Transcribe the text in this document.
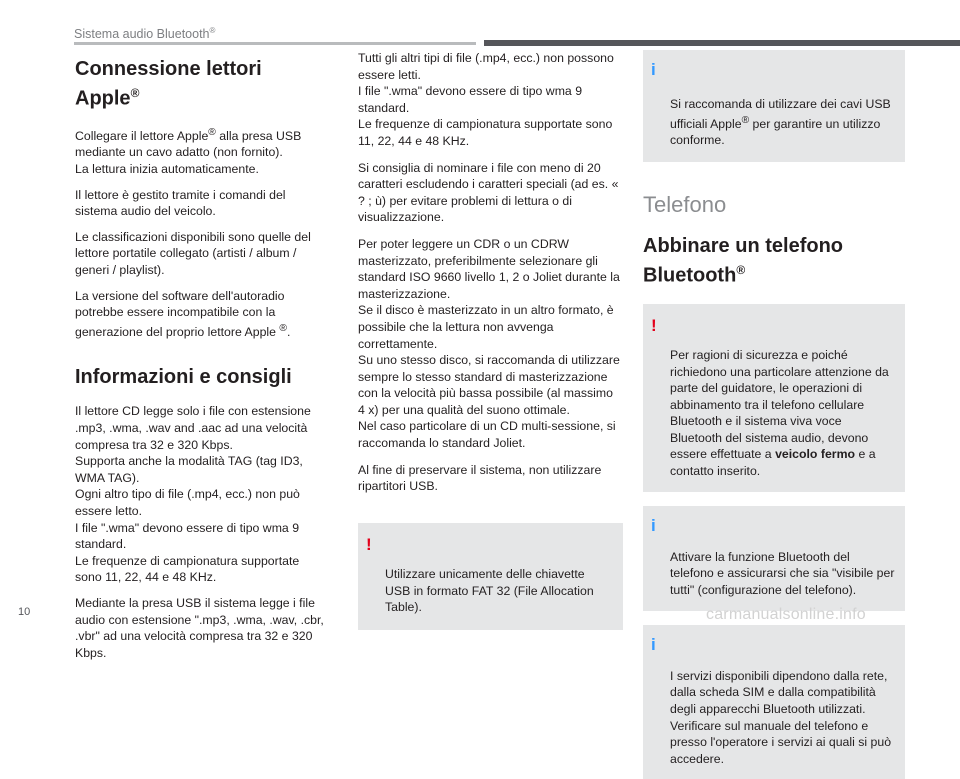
Sistema audio Bluetooth®
Connessione lettori Apple®

Collegare il lettore Apple® alla presa USB
mediante un cavo adatto (non fornito).
La lettura inizia automaticamente.

Il lettore è gestito tramite i comandi del sistema audio del veicolo.

Le classificazioni disponibili sono quelle del lettore portatile collegato (artisti / album / generi / playlist).

La versione del software dell'autoradio potrebbe essere incompatibile con la generazione del proprio lettore Apple ®.

Informazioni e consigli

Il lettore CD legge solo i file con estensione .mp3, .wma, .wav and .aac ad una velocità compresa tra 32 e 320 Kbps.
Supporta anche la modalità TAG (tag ID3, WMA TAG).
Ogni altro tipo di file (.mp4, ecc.) non può essere letto.
I file ".wma" devono essere di tipo wma 9 standard.
Le frequenze di campionatura supportate sono 11, 22, 44 e 48 KHz.

Mediante la presa USB il sistema legge i file audio con estensione ".mp3, .wma, .wav, .cbr, .vbr" ad una velocità compresa tra 32 e 320 Kbps.

Tutti gli altri tipi di file (.mp4, ecc.) non possono essere letti.
I file ".wma" devono essere di tipo wma 9 standard.
Le frequenze di campionatura supportate sono 11, 22, 44 e 48 KHz.

Si consiglia di nominare i file con meno di 20 caratteri escludendo i caratteri speciali (ad es. « ? ; ù) per evitare problemi di lettura o di visualizzazione.

Per poter leggere un CDR o un CDRW masterizzato, preferibilmente selezionare gli standard ISO 9660 livello 1, 2 o Joliet durante la masterizzazione.
Se il disco è masterizzato in un altro formato, è possibile che la lettura non avvenga correttamente.
Su uno stesso disco, si raccomanda di utilizzare sempre lo stesso standard di masterizzazione con la velocità più bassa possibile (al massimo 4 x) per una qualità del suono ottimale.
Nel caso particolare di un CD multi-sessione, si raccomanda lo standard Joliet.

Al fine di preservare il sistema, non utilizzare ripartitori USB.

!

Utilizzare unicamente delle chiavette USB in formato FAT 32 (File Allocation Table).

i

Si raccomanda di utilizzare dei cavi USB ufficiali Apple® per garantire un utilizzo conforme.

Telefono
Abbinare un telefono Bluetooth®

!

Per ragioni di sicurezza e poiché richiedono una particolare attenzione da parte del guidatore, le operazioni di abbinamento tra il telefono cellulare Bluetooth e il sistema viva voce Bluetooth del sistema audio, devono essere effettuate a veicolo fermo e a contatto inserito.

i

Attivare la funzione Bluetooth del telefono e assicurarsi che sia "visibile per tutti" (configurazione del telefono).

i

I servizi disponibili dipendono dalla rete, dalla scheda SIM e dalla compatibilità degli apparecchi Bluetooth utilizzati.
Verificare sul manuale del telefono e presso l'operatore i servizi ai quali si può accedere.

10	carmanualsonline.info
